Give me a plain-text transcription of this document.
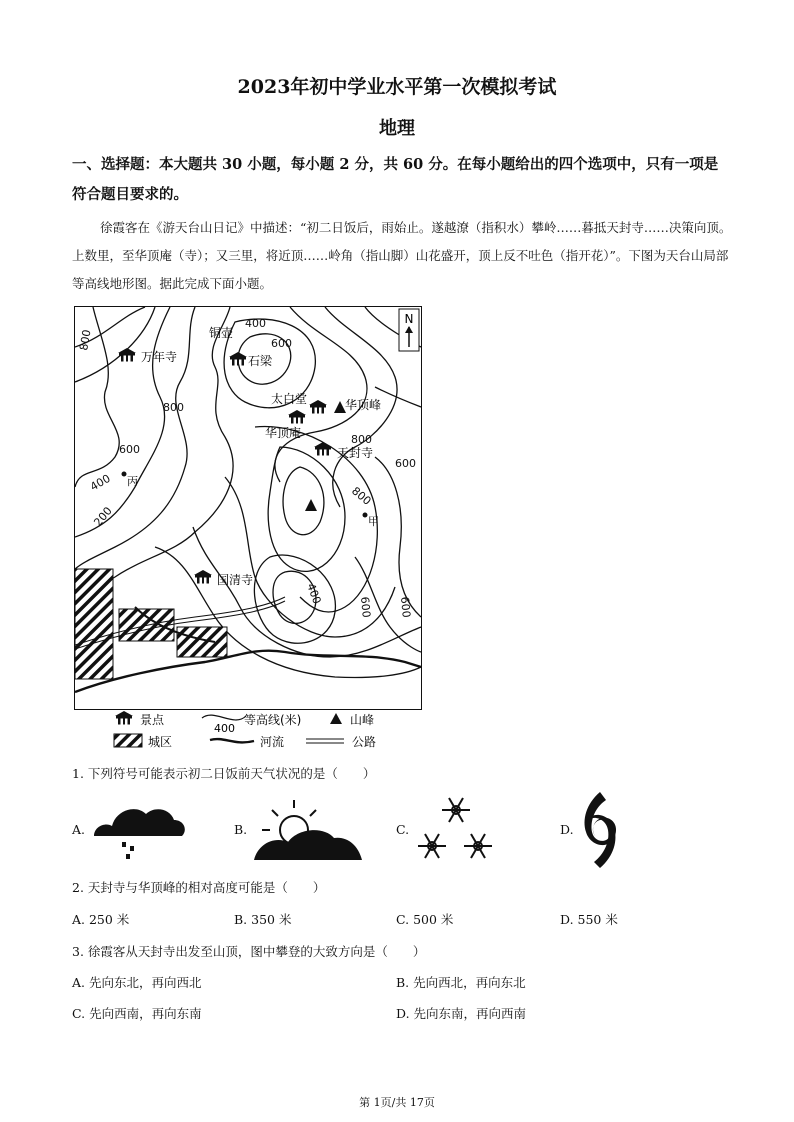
2023年初中学业水平第一次模拟考试
地理
一、选择题：本大题共 30 小题，每小题 2 分，共 60 分。在每小题给出的四个选项中，只有一项是符合题目要求的。
徐霞客在《游天台山日记》中描述：“初二日饭后，雨始止。遂越潦（指积水）攀岭……暮抵天封寺……决策向顶。上数里，至华顶庵（寺）；又三里，将近顶……岭角（指山脚）山花盛开，顶上反不吐色（指开花）”。下图为天台山局部等高线地形图。据此完成下面小题。
N
万年寺
铜壶
石梁
太白堂	华顶峰
华顶庵
天封寺
国清寺
丙
甲
400
600
800
800
600
400
200
800
800
600
400
600 600
景点
400
等高线(米)	山峰
城区	河流	公路
1. 下列符号可能表示初二日饭前天气状况的是（　　）
A.	B.	C.	D.
2. 天封寺与华顶峰的相对高度可能是（　　）
A. 250 米	B. 350 米	C. 500 米	D. 550 米
3. 徐霞客从天封寺出发至山顶，图中攀登的大致方向是（　　）
A. 先向东北，再向西北	B. 先向西北，再向东北
C. 先向西南，再向东南	D. 先向东南，再向西南
第 1页/共 17页
